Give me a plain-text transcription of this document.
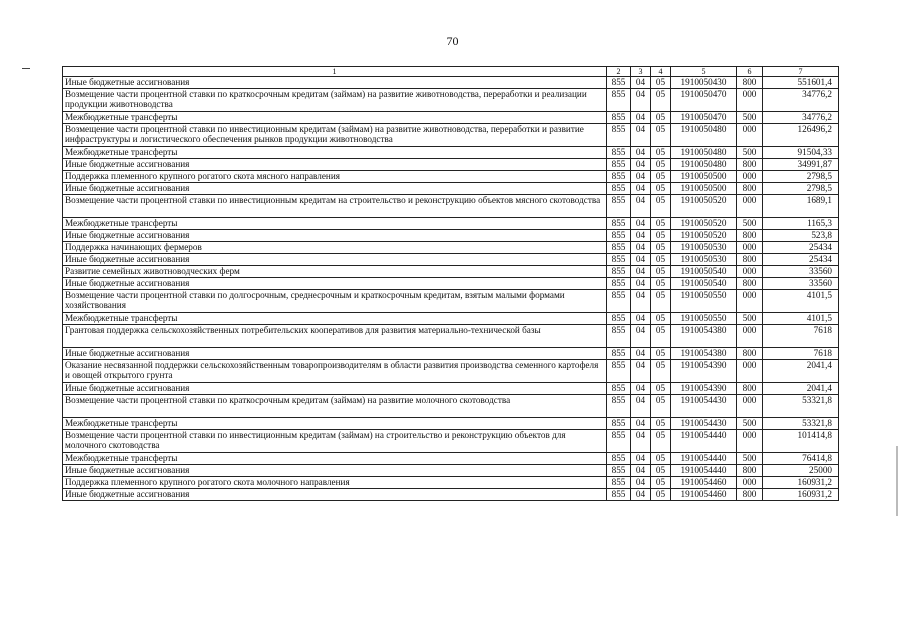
70
1	2	3	4	5	6	7
Иные бюджетные ассигнования	855	04	05	1910050430	800	551601,4
Возмещение части процентной ставки по краткосрочным кредитам (займам) на развитие животноводства, переработки и реализации продукции животноводства	855	04	05	1910050470	000	34776,2
Межбюджетные трансферты	855	04	05	1910050470	500	34776,2
Возмещение части процентной ставки по инвестиционным кредитам (займам) на развитие животноводства, переработки и развитие инфраструктуры и логистического обеспечения рынков продукции животноводства	855	04	05	1910050480	000	126496,2
Межбюджетные трансферты	855	04	05	1910050480	500	91504,33
Иные бюджетные ассигнования	855	04	05	1910050480	800	34991,87
Поддержка племенного крупного рогатого скота мясного направления	855	04	05	1910050500	000	2798,5
Иные бюджетные ассигнования	855	04	05	1910050500	800	2798,5
Возмещение части процентной ставки по инвестиционным кредитам на строительство и реконструкцию объектов мясного скотоводства	855	04	05	1910050520	000	1689,1
Межбюджетные трансферты	855	04	05	1910050520	500	1165,3
Иные бюджетные ассигнования	855	04	05	1910050520	800	523,8
Поддержка начинающих фермеров	855	04	05	1910050530	000	25434
Иные бюджетные ассигнования	855	04	05	1910050530	800	25434
Развитие семейных животноводческих ферм	855	04	05	1910050540	000	33560
Иные бюджетные ассигнования	855	04	05	1910050540	800	33560
Возмещение части процентной ставки по долгосрочным, среднесрочным и краткосрочным кредитам, взятым малыми формами хозяйствования	855	04	05	1910050550	000	4101,5
Межбюджетные трансферты	855	04	05	1910050550	500	4101,5
Грантовая поддержка сельскохозяйственных потребительских кооперативов для развития материально-технической базы	855	04	05	1910054380	000	7618
Иные бюджетные ассигнования	855	04	05	1910054380	800	7618
Оказание несвязанной поддержки сельскохозяйственным товаропроизводителям в области развития производства семенного картофеля и овощей открытого грунта	855	04	05	1910054390	000	2041,4
Иные бюджетные ассигнования	855	04	05	1910054390	800	2041,4
Возмещение части процентной ставки по краткосрочным кредитам (займам) на развитие молочного скотоводства	855	04	05	1910054430	000	53321,8
Межбюджетные трансферты	855	04	05	1910054430	500	53321,8
Возмещение части процентной ставки по инвестиционным кредитам (займам) на строительство и реконструкцию объектов для молочного скотоводства	855	04	05	1910054440	000	101414,8
Межбюджетные трансферты	855	04	05	1910054440	500	76414,8
Иные бюджетные ассигнования	855	04	05	1910054440	800	25000
Поддержка племенного крупного рогатого скота молочного направления	855	04	05	1910054460	000	160931,2
Иные бюджетные ассигнования	855	04	05	1910054460	800	160931,2
